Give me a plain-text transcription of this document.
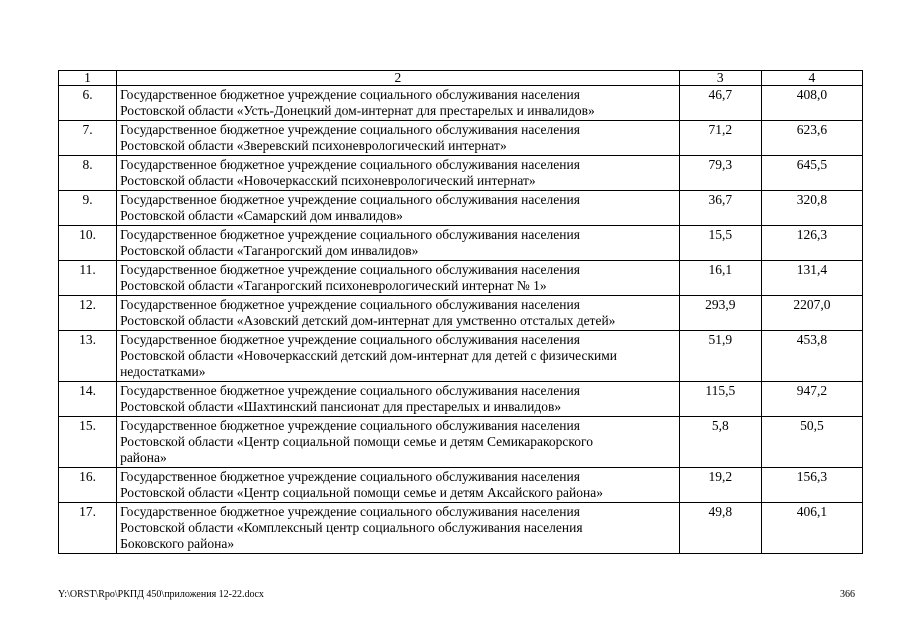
1	2	3	4
6.	Государственное бюджетное учреждение социального обслуживания населения
Ростовской области «Усть-Донецкий дом-интернат для престарелых и инвалидов»	46,7	408,0
7.	Государственное бюджетное учреждение социального обслуживания населения
Ростовской области «Зверевский психоневрологический интернат»	71,2	623,6
8.	Государственное бюджетное учреждение социального обслуживания населения
Ростовской области «Новочеркасский психоневрологический интернат»	79,3	645,5
9.	Государственное бюджетное учреждение социального обслуживания населения
Ростовской области «Самарский дом инвалидов»	36,7	320,8
10.	Государственное бюджетное учреждение социального обслуживания населения
Ростовской области «Таганрогский дом инвалидов»	15,5	126,3
11.	Государственное бюджетное учреждение социального обслуживания населения
Ростовской области «Таганрогский психоневрологический интернат № 1»	16,1	131,4
12.	Государственное бюджетное учреждение социального обслуживания населения
Ростовской области «Азовский детский дом-интернат для умственно отсталых детей»	293,9	2207,0
13.	Государственное бюджетное учреждение социального обслуживания населения
Ростовской области «Новочеркасский детский дом-интернат для детей с физическими
недостатками»	51,9	453,8
14.	Государственное бюджетное учреждение социального обслуживания населения
Ростовской области «Шахтинский пансионат для престарелых и инвалидов»	115,5	947,2
15.	Государственное бюджетное учреждение социального обслуживания населения
Ростовской области «Центр социальной помощи семье и детям Семикаракорского
района»	5,8	50,5
16.	Государственное бюджетное учреждение социального обслуживания населения
Ростовской области «Центр социальной помощи семье и детям Аксайского района»	19,2	156,3
17.	Государственное бюджетное учреждение социального обслуживания населения
Ростовской области «Комплексный центр социального обслуживания населения
Боковского района»	49,8	406,1
Y:\ORST\Rpo\РКПД 450\приложения 12-22.docx	366
